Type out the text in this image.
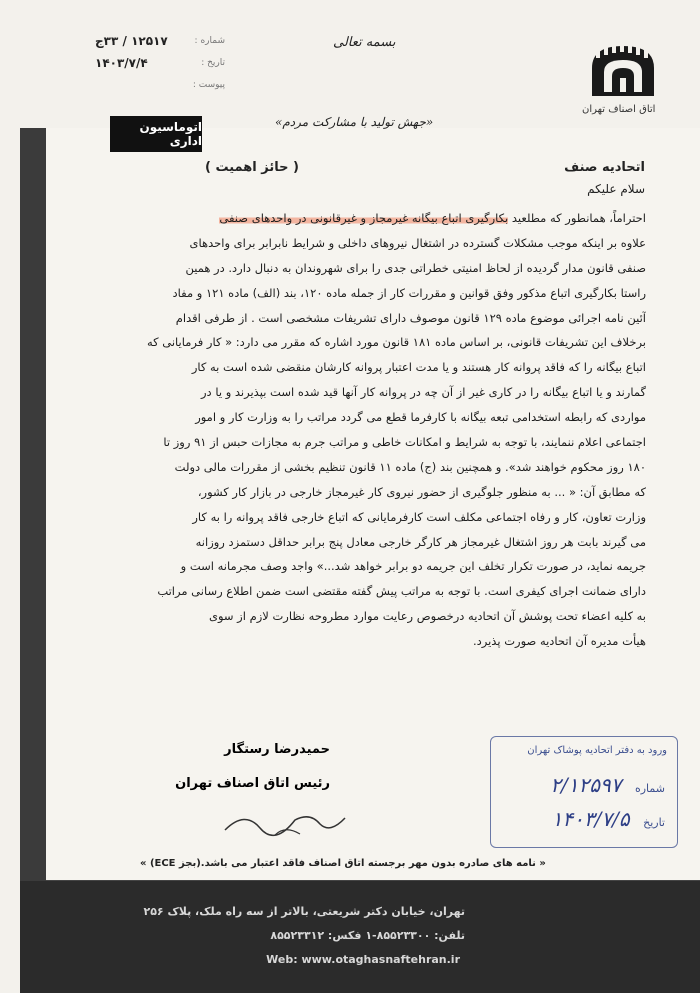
اتاق اصناف تهران
بسمه تعالی
«جهش تولید با مشارکت مردم»
شماره :
۱۲۵۱۷ / ۳۳ج
تاریخ :
۱۴۰۳/۷/۴
پیوست :
اتوماسیون اداری
( حائز اهمیت )	اتحادیه صنف
سلام علیکم
احتراماً، همانطور که مطلعید بکارگیری اتباع بیگانه غیرمجاز و غیرقانونی در واحدهای صنفی
علاوه بر اینکه موجب مشکلات گسترده در اشتغال نیروهای داخلی و شرایط نابرابر برای واحدهای
صنفی قانون مدار گردیده از لحاظ امنیتی خطراتی جدی را برای شهروندان به دنبال دارد. در همین
راستا بکارگیری اتباع مذکور وفق قوانین و مقررات کار از جمله ماده ۱۲۰، بند (الف) ماده ۱۲۱ و مفاد
آئین نامه اجرائی موضوع ماده ۱۲۹ قانون موصوف دارای تشریفات مشخصی است . از طرفی اقدام
برخلاف این تشریفات قانونی، بر اساس ماده ۱۸۱ قانون مورد اشاره که مقرر می دارد: « کار فرمایانی که
اتباع بیگانه را که فاقد پروانه کار هستند و یا مدت اعتبار پروانه کارشان منقضی شده است به کار
گمارند و یا اتباع بیگانه را در کاری غیر از آن چه در پروانه کار آنها قید شده است بپذیرند و یا در
مواردی که رابطه استخدامی تبعه بیگانه با کارفرما قطع می گردد مراتب را به وزارت کار و امور
اجتماعی اعلام ننمایند، با توجه به شرایط و امکانات خاطی و مراتب جرم به مجازات حبس از ۹۱ روز تا
۱۸۰ روز محکوم خواهند شد». و همچنین بند (ج) ماده ۱۱ قانون تنظیم بخشی از مقررات مالی دولت
که مطابق آن: « ... به منظور جلوگیری از حضور نیروی کار غیرمجاز خارجی در بازار کار کشور،
وزارت تعاون، کار و رفاه اجتماعی مکلف است کارفرمایانی که اتباع خارجی فاقد پروانه را به کار
می گیرند بابت هر روز اشتغال غیرمجاز هر کارگر خارجی معادل پنج برابر حداقل دستمزد روزانه
جریمه نماید، در صورت تکرار تخلف این جریمه دو برابر خواهد شد...» واجد وصف مجرمانه است و
دارای ضمانت اجرای کیفری است. با توجه به مراتب پیش گفته مقتضی است ضمن اطلاع رسانی مراتب
به کلیه اعضاء تحت پوشش آن اتحادیه درخصوص رعایت موارد مطروحه نظارت لازم از سوی
هیأت مدیره آن اتحادیه صورت پذیرد.
حمیدرضا رستگار
رئیس اتاق اصناف تهران
ورود به دفتر اتحادیه پوشاک تهران
شماره ۲/۱۲۵۹۷
تاریخ ۱۴۰۳/۷/۵
« نامه های صادره بدون مهر برجسته اتاق اصناف فاقد اعتبار می باشد.(بجز ECE) »
تهران، خیابان دکتر شریعتی، بالاتر از سه راه ملک، پلاک ۲۵۶
تلفن: ۸۵۵۲۳۳۰۰-۱ فکس: ۸۵۵۲۳۳۱۲
Web: www.otaghasnaftehran.ir
